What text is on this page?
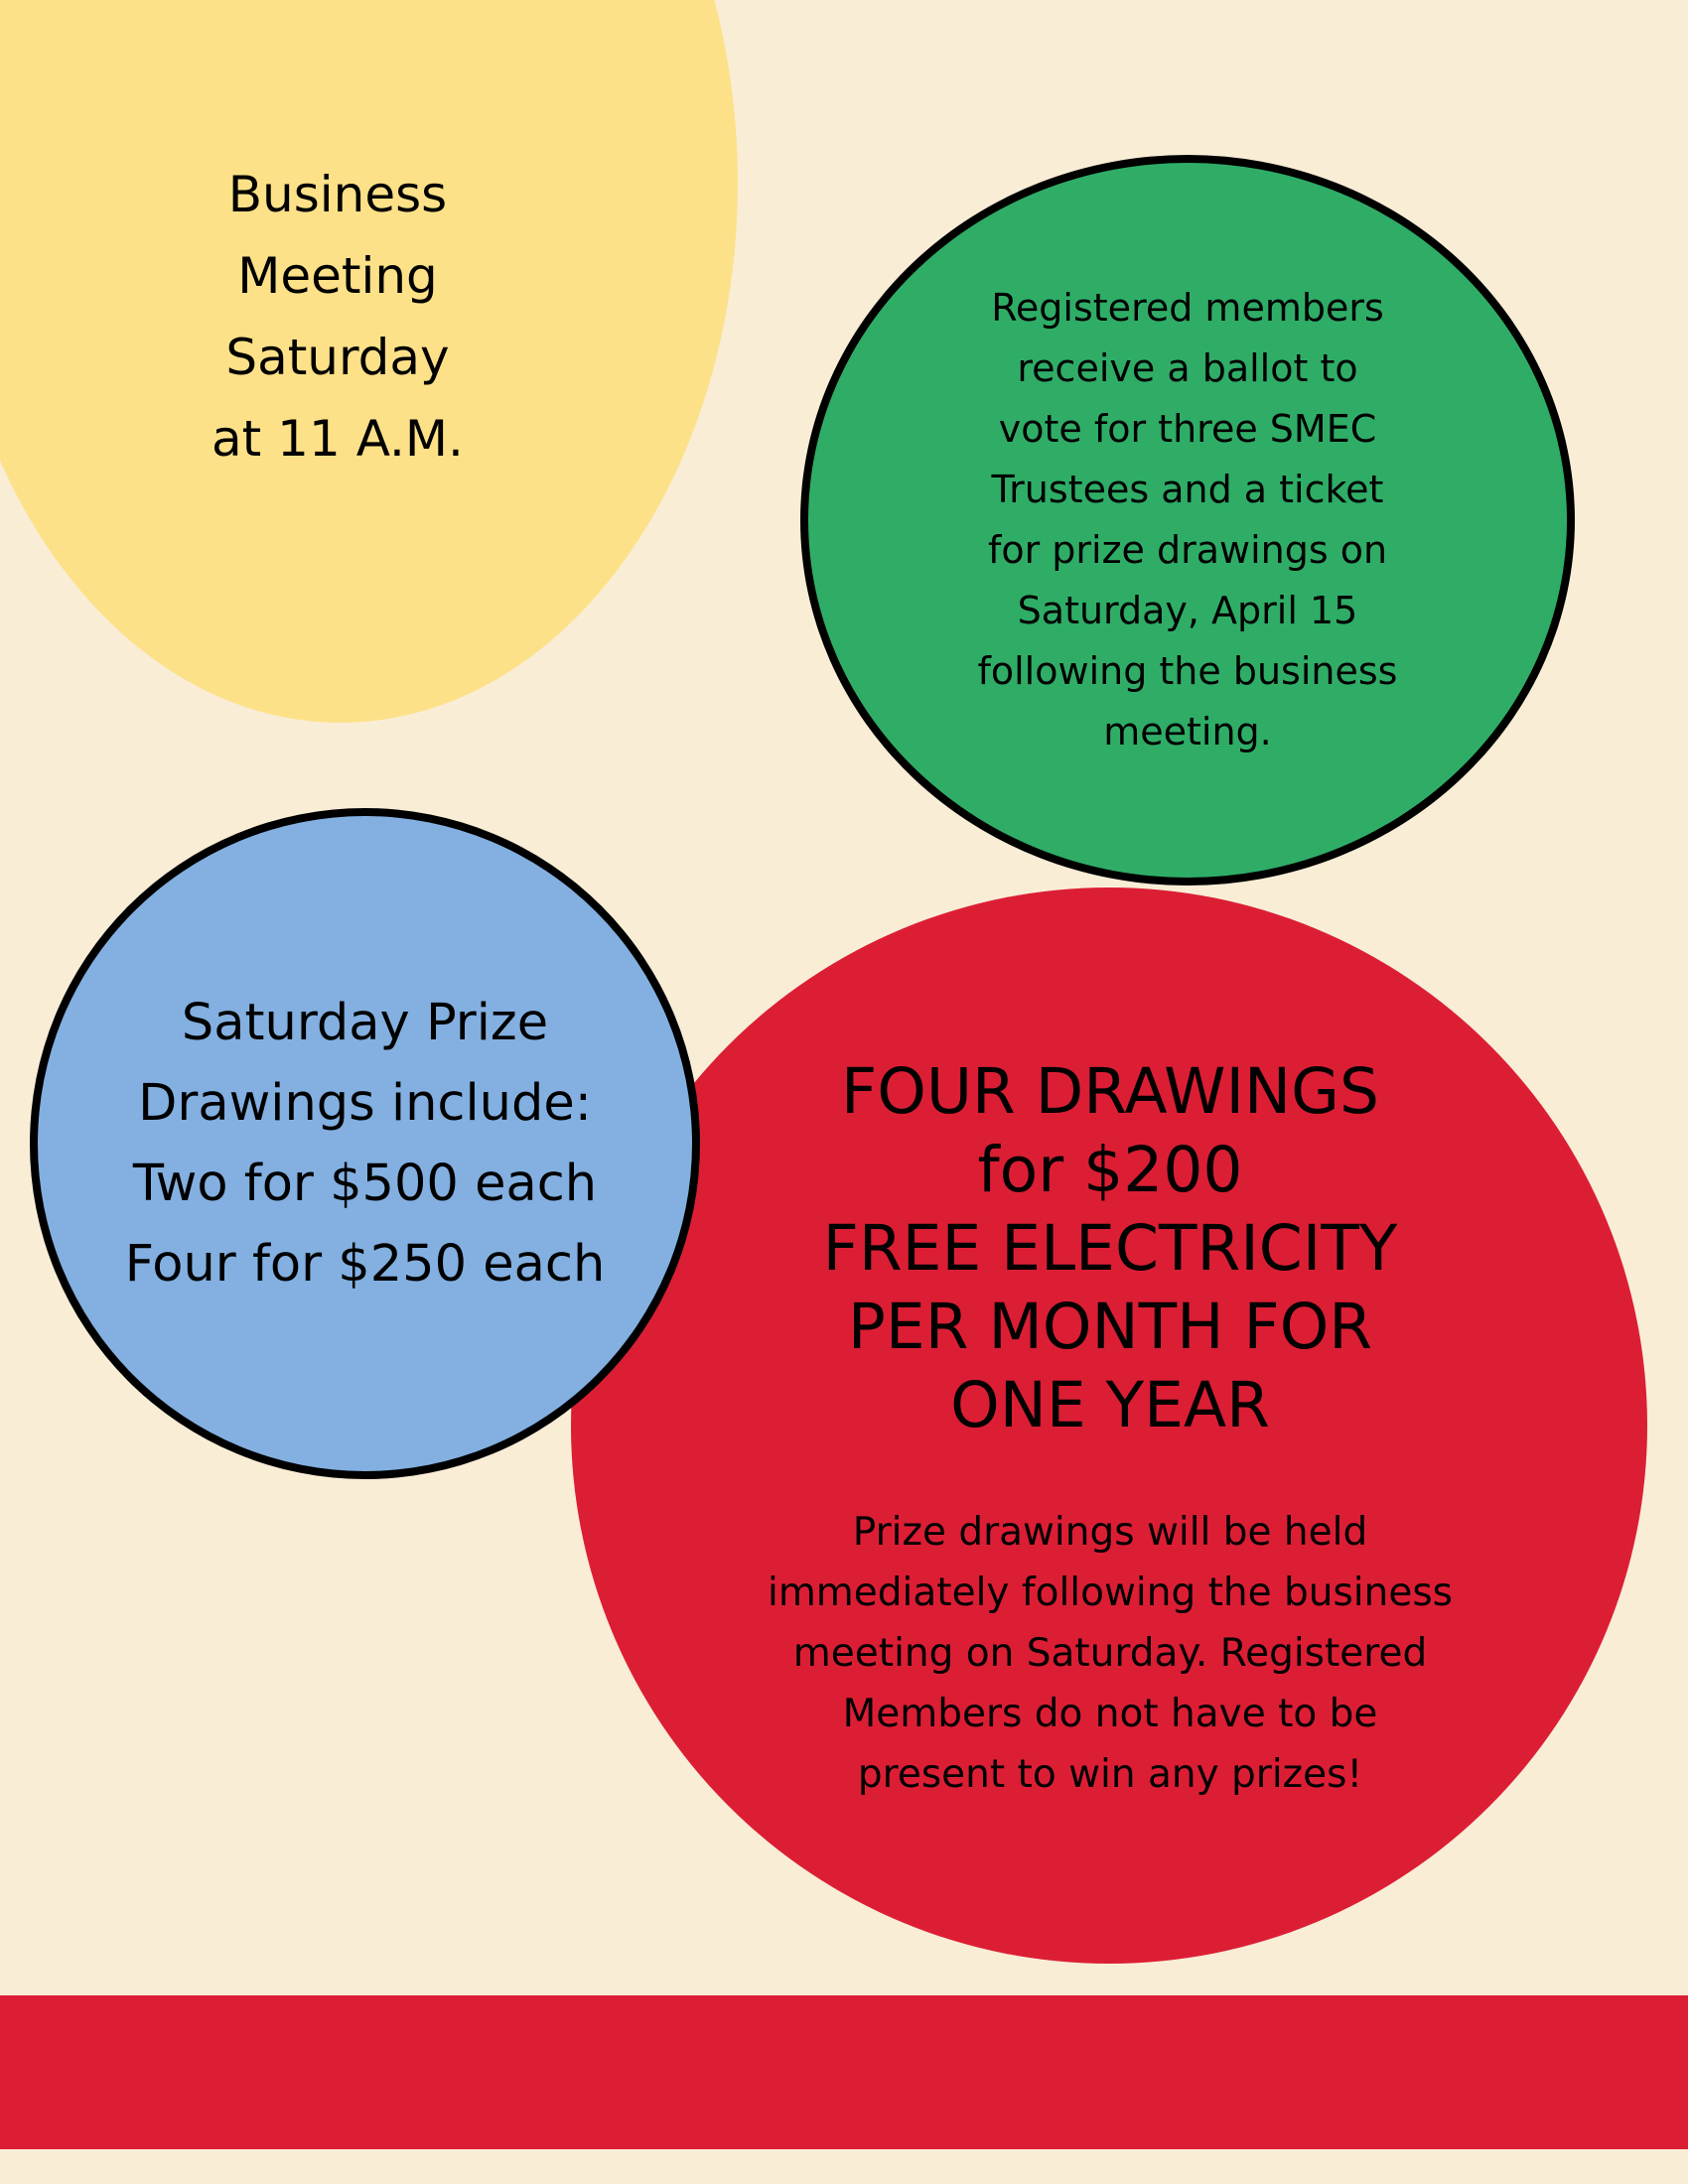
Business
Meeting
Saturday
at 11 A.M.
Registered members
receive a ballot to
vote for three SMEC
Trustees and a ticket
for prize drawings on
Saturday, April 15
following the business
meeting.
Saturday Prize
Drawings include:
Two for $500 each
Four for $250 each
FOUR DRAWINGS
for $200
FREE ELECTRICITY
PER MONTH FOR
ONE YEAR
Prize drawings will be held
immediately following the business
meeting on Saturday. Registered
Members do not have to be
present to win any prizes!
